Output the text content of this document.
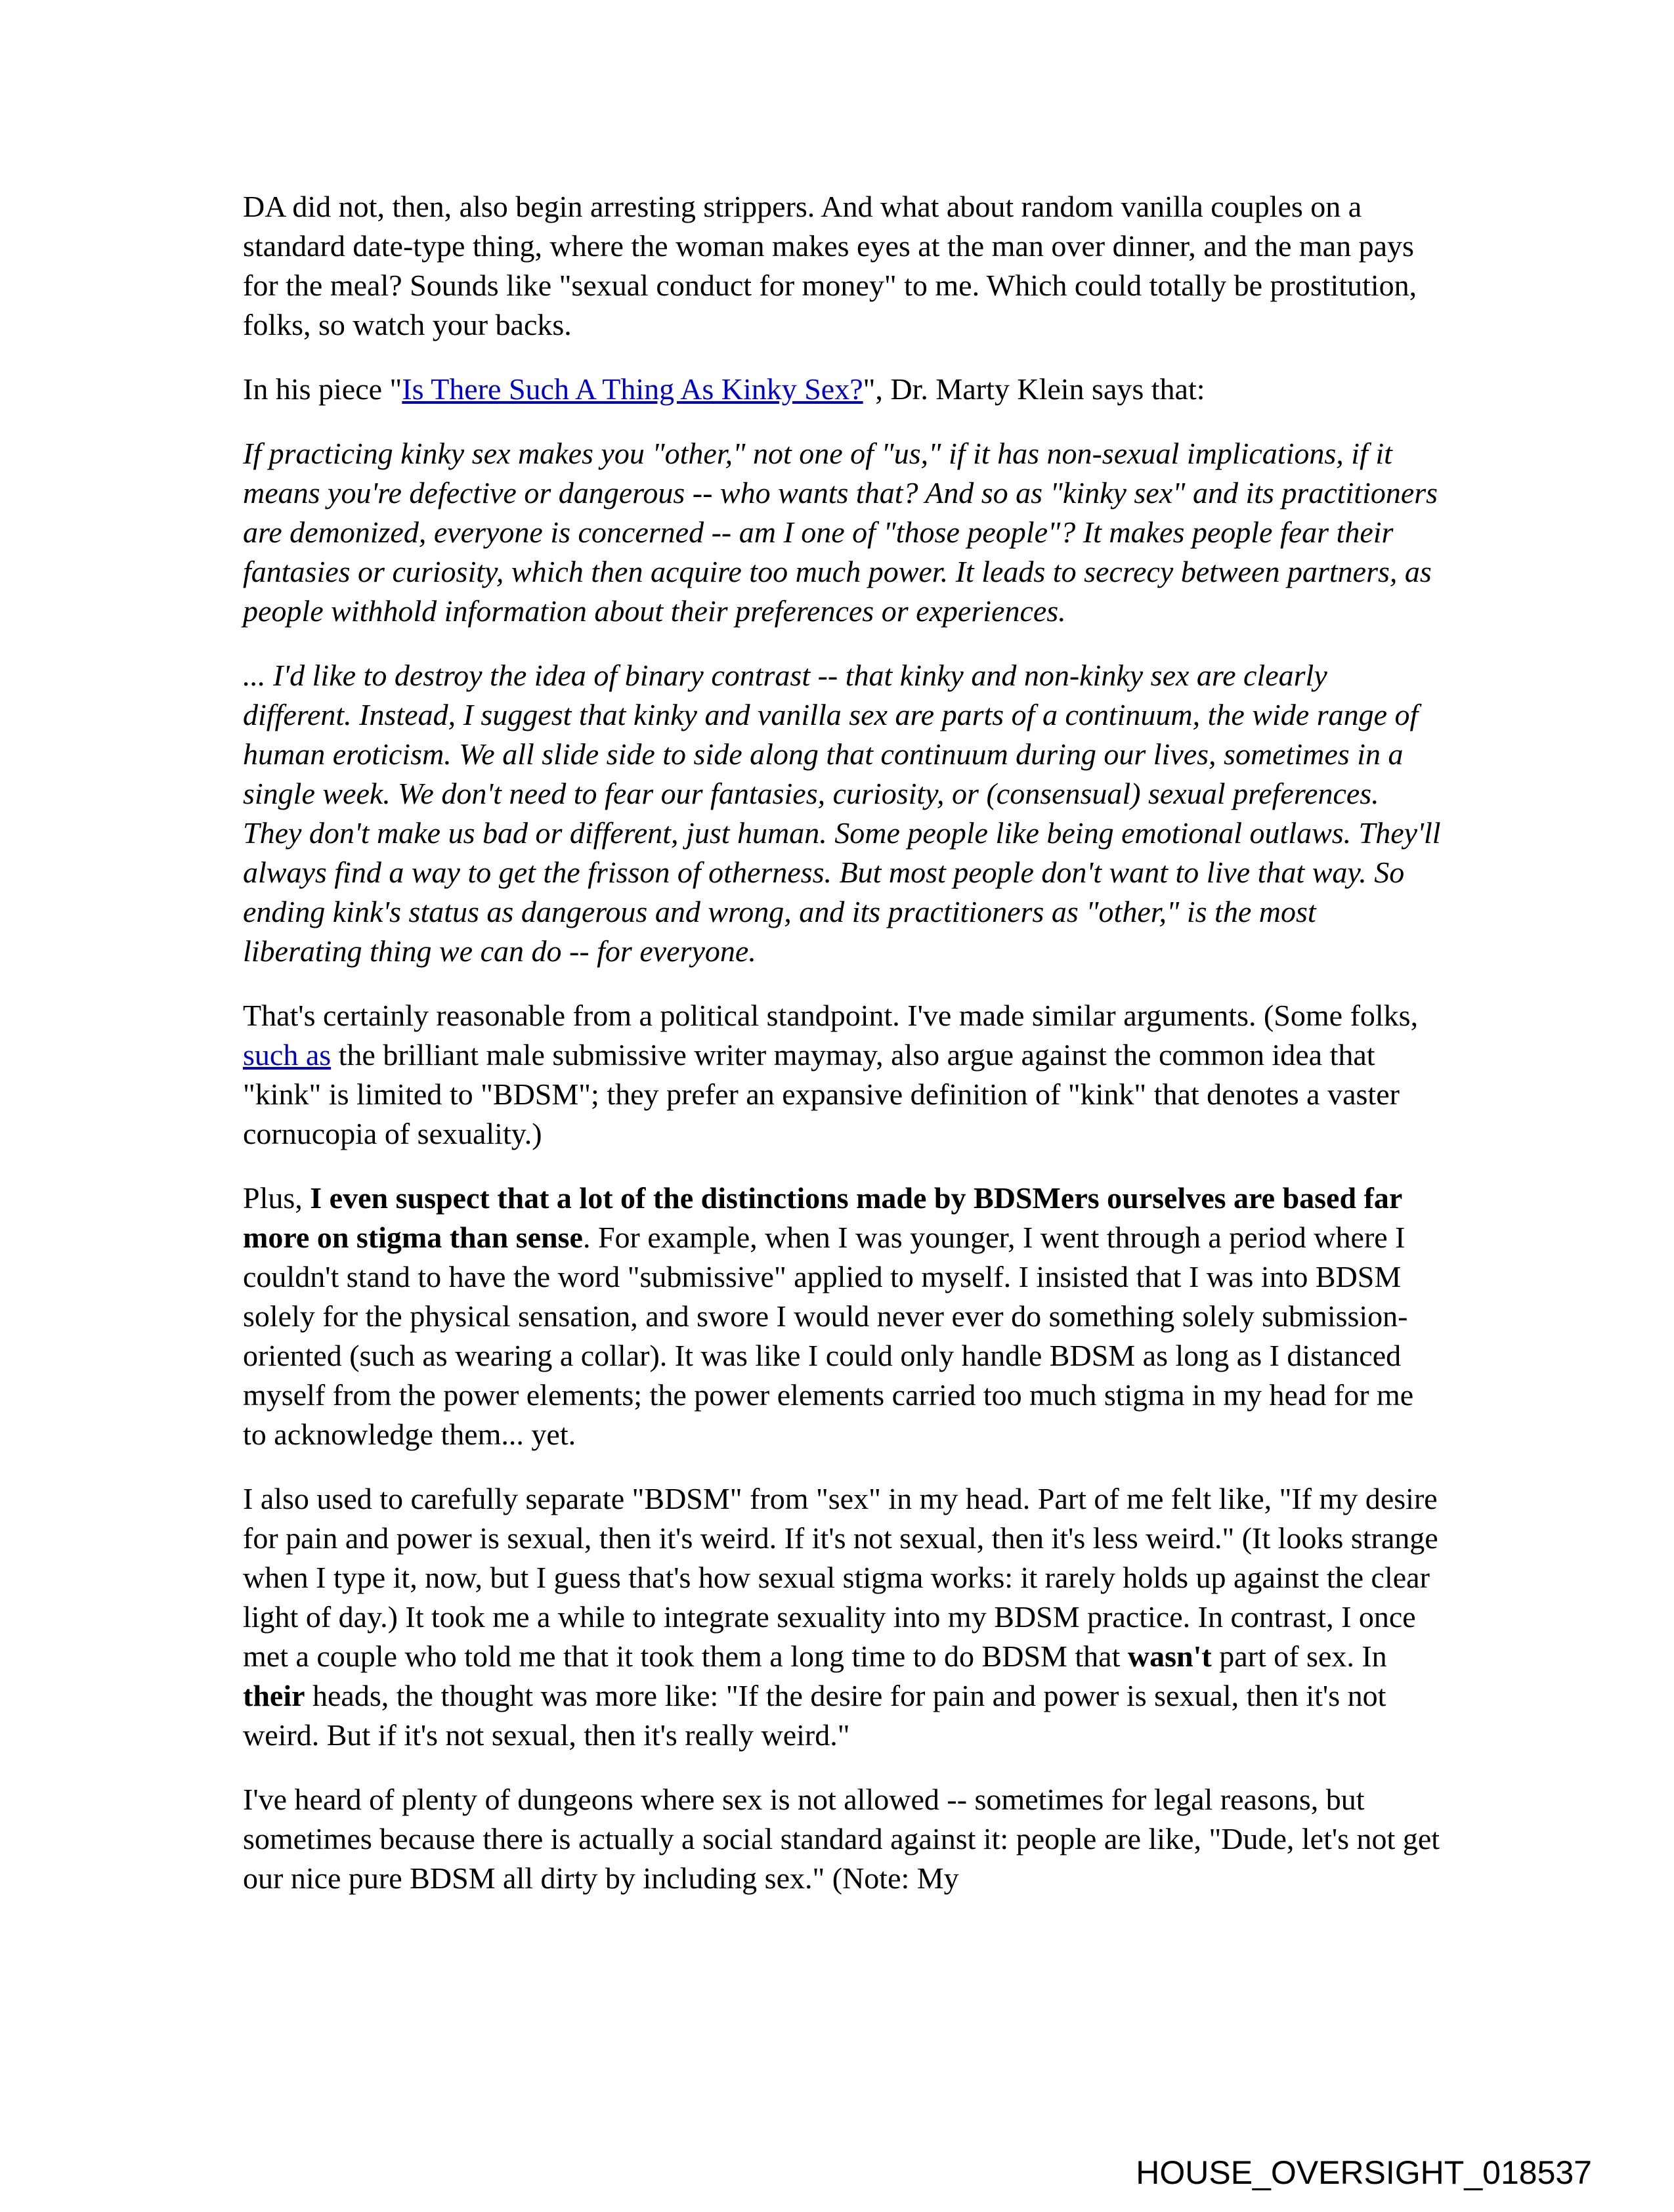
DA did not, then, also begin arresting strippers. And what about random vanilla couples on a standard date-type thing, where the woman makes eyes at the man over dinner, and the man pays for the meal? Sounds like "sexual conduct for money" to me. Which could totally be prostitution, folks, so watch your backs.

In his piece "Is There Such A Thing As Kinky Sex?", Dr. Marty Klein says that:

If practicing kinky sex makes you "other," not one of "us," if it has non-sexual implications, if it means you're defective or dangerous -- who wants that? And so as "kinky sex" and its practitioners are demonized, everyone is concerned -- am I one of "those people"? It makes people fear their fantasies or curiosity, which then acquire too much power. It leads to secrecy between partners, as people withhold information about their preferences or experiences.

... I'd like to destroy the idea of binary contrast -- that kinky and non-kinky sex are clearly different. Instead, I suggest that kinky and vanilla sex are parts of a continuum, the wide range of human eroticism. We all slide side to side along that continuum during our lives, sometimes in a single week. We don't need to fear our fantasies, curiosity, or (consensual) sexual preferences. They don't make us bad or different, just human. Some people like being emotional outlaws. They'll always find a way to get the frisson of otherness. But most people don't want to live that way. So ending kink's status as dangerous and wrong, and its practitioners as "other," is the most liberating thing we can do -- for everyone.

That's certainly reasonable from a political standpoint. I've made similar arguments. (Some folks, such as the brilliant male submissive writer maymay, also argue against the common idea that "kink" is limited to "BDSM"; they prefer an expansive definition of "kink" that denotes a vaster cornucopia of sexuality.)

Plus, I even suspect that a lot of the distinctions made by BDSMers ourselves are based far more on stigma than sense. For example, when I was younger, I went through a period where I couldn't stand to have the word "submissive" applied to myself. I insisted that I was into BDSM solely for the physical sensation, and swore I would never ever do something solely submission-oriented (such as wearing a collar). It was like I could only handle BDSM as long as I distanced myself from the power elements; the power elements carried too much stigma in my head for me to acknowledge them... yet.

I also used to carefully separate "BDSM" from "sex" in my head. Part of me felt like, "If my desire for pain and power is sexual, then it's weird. If it's not sexual, then it's less weird." (It looks strange when I type it, now, but I guess that's how sexual stigma works: it rarely holds up against the clear light of day.) It took me a while to integrate sexuality into my BDSM practice. In contrast, I once met a couple who told me that it took them a long time to do BDSM that wasn't part of sex. In their heads, the thought was more like: "If the desire for pain and power is sexual, then it's not weird. But if it's not sexual, then it's really weird."

I've heard of plenty of dungeons where sex is not allowed -- sometimes for legal reasons, but sometimes because there is actually a social standard against it: people are like, "Dude, let's not get our nice pure BDSM all dirty by including sex." (Note: My

HOUSE_OVERSIGHT_018537
